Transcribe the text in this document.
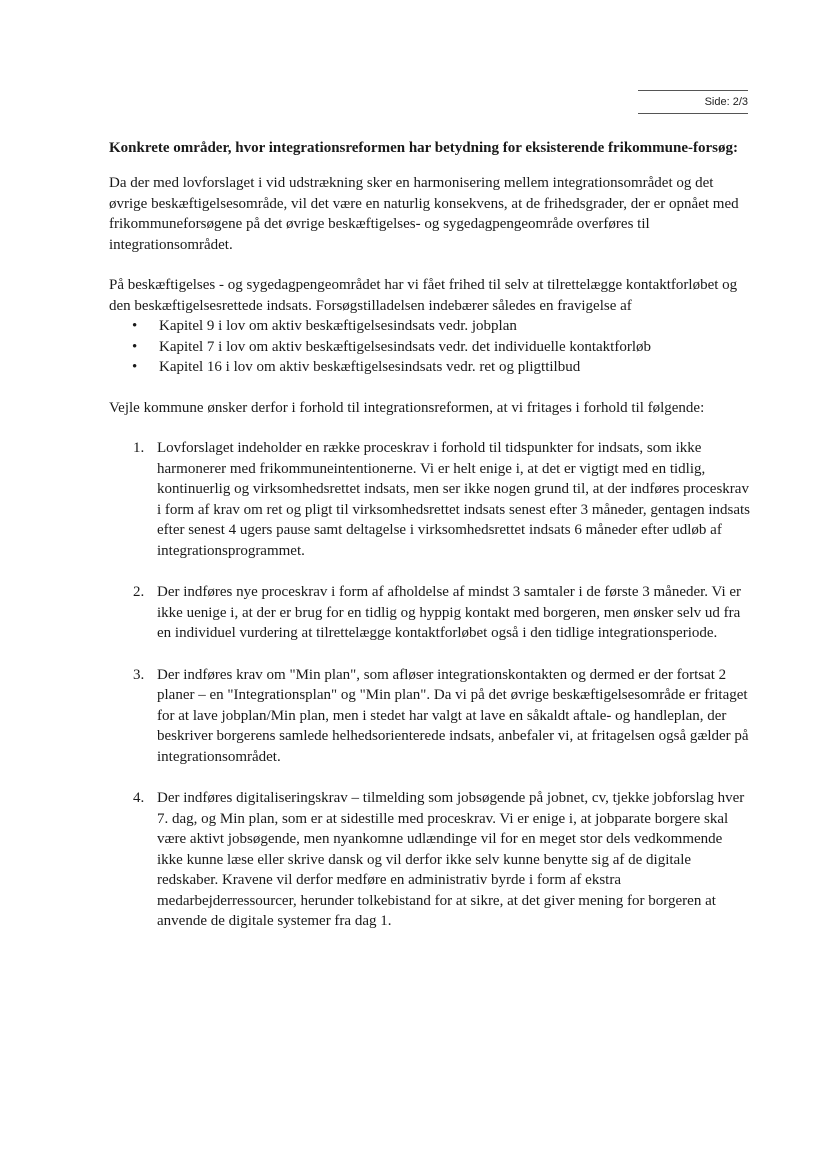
Side: 2/3
Konkrete områder, hvor integrationsreformen har betydning for eksisterende frikommune-forsøg:

Da der med lovforslaget i vid udstrækning sker en harmonisering mellem integrationsområdet og det øvrige beskæftigelsesområde, vil det være en naturlig konsekvens, at de frihedsgrader, der er opnået med frikommuneforsøgene på det øvrige beskæftigelses- og sygedagpengeområde overføres til integrationsområdet.

På beskæftigelses - og sygedagpengeområdet har vi fået frihed til selv at tilrettelægge kontaktforløbet og den beskæftigelsesrettede indsats. Forsøgstilladelsen indebærer således en fravigelse af

• Kapitel 9 i lov om aktiv beskæftigelsesindsats vedr. jobplan
• Kapitel 7 i lov om aktiv beskæftigelsesindsats vedr. det individuelle kontaktforløb
• Kapitel 16 i lov om aktiv beskæftigelsesindsats vedr. ret og pligttilbud

Vejle kommune ønsker derfor i forhold til integrationsreformen, at vi fritages i forhold til følgende:

1. Lovforslaget indeholder en række proceskrav i forhold til tidspunkter for indsats, som ikke harmonerer med frikommuneintentionerne. Vi er helt enige i, at det er vigtigt med en tidlig, kontinuerlig og virksomhedsrettet indsats, men ser ikke nogen grund til, at der indføres proceskrav i form af krav om ret og pligt til virksomhedsrettet indsats senest efter 3 måneder, gentagen indsats efter senest 4 ugers pause samt deltagelse i virksomhedsrettet indsats 6 måneder efter udløb af integrationsprogrammet.
2. Der indføres nye proceskrav i form af afholdelse af mindst 3 samtaler i de første 3 måneder. Vi er ikke uenige i, at der er brug for en tidlig og hyppig kontakt med borgeren, men ønsker selv ud fra en individuel vurdering at tilrettelægge kontaktforløbet også i den tidlige integrationsperiode.
3. Der indføres krav om "Min plan", som afløser integrationskontakten og dermed er der fortsat 2 planer – en "Integrationsplan" og "Min plan". Da vi på det øvrige beskæftigelsesområde er fritaget for at lave jobplan/Min plan, men i stedet har valgt at lave en såkaldt aftale- og handleplan, der beskriver borgerens samlede helhedsorienterede indsats, anbefaler vi, at fritagelsen også gælder på integrationsområdet.
4. Der indføres digitaliseringskrav – tilmelding som jobsøgende på jobnet, cv, tjekke jobforslag hver 7. dag, og Min plan, som er at sidestille med proceskrav. Vi er enige i, at jobparate borgere skal være aktivt jobsøgende, men nyankomne udlændinge vil for en meget stor dels vedkommende ikke kunne læse eller skrive dansk og vil derfor ikke selv kunne benytte sig af de digitale redskaber. Kravene vil derfor medføre en administrativ byrde i form af ekstra medarbejderressourcer, herunder tolkebistand for at sikre, at det giver mening for borgeren at anvende de digitale systemer fra dag 1.
